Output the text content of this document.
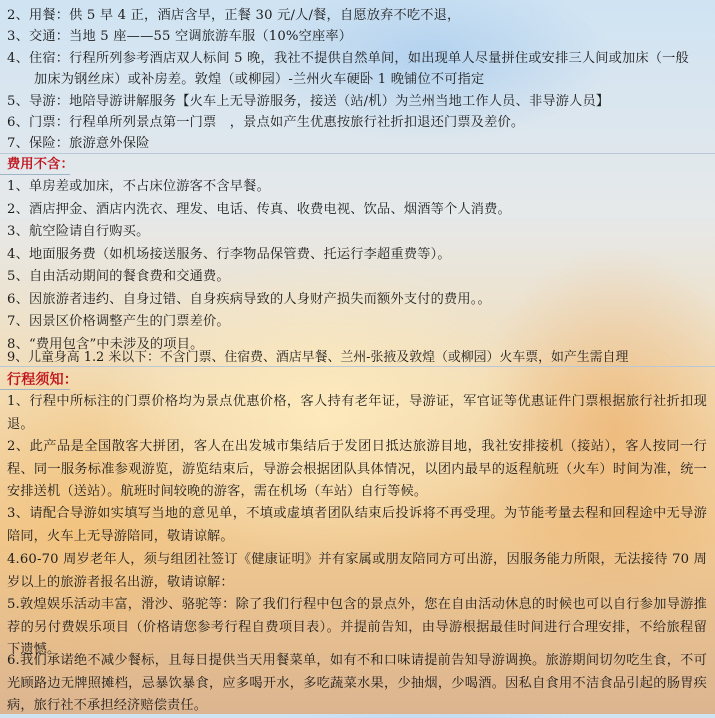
2、用餐：供 5 早 4 正，酒店含早，正餐 30 元/人/餐，自愿放弃不吃不退，
3、交通：当地 5 座——55 空调旅游车服（10%空座率）
4、住宿：行程所列参考酒店双人标间 5 晚，我社不提供自然单间，如出现单人尽量拼住或安排三人间或加床（一般
加床为钢丝床）或补房差。敦煌（或柳园）-兰州火车硬卧 1 晚铺位不可指定
5、导游：地陪导游讲解服务【火车上无导游服务，接送（站/机）为兰州当地工作人员、非导游人员】
6、门票：行程单所列景点第一门票　，景点如产生优惠按旅行社折扣退还门票及差价。
7、保险：旅游意外保险
费用不含：
1、单房差或加床，不占床位游客不含早餐。
2、酒店押金、酒店内洗衣、理发、电话、传真、收费电视、饮品、烟酒等个人消费。
3、航空险请自行购买。
4、地面服务费（如机场接送服务、行李物品保管费、托运行李超重费等）。
5、自由活动期间的餐食费和交通费。
6、因旅游者违约、自身过错、自身疾病导致的人身财产损失而额外支付的费用。。
7、因景区价格调整产生的门票差价。
8、“费用包含”中未涉及的项目。
9、儿童身高 1.2 米以下：不含门票、住宿费、酒店早餐、兰州-张掖及敦煌（或柳园）火车票，如产生需自理
行程须知：
1、行程中所标注的门票价格均为景点优惠价格，客人持有老年证，导游证，军官证等优惠证件门票根据旅行社折扣现退。
2、此产品是全国散客大拼团，客人在出发城市集结后于发团日抵达旅游目地，我社安排接机（接站），客人按同一行程、同一服务标准参观游览，游览结束后，导游会根据团队具体情况，以团内最早的返程航班（火车）时间为准，统一安排送机（送站）。航班时间较晚的游客，需在机场（车站）自行等候。
3、请配合导游如实填写当地的意见单，不填或虚填者团队结束后投诉将不再受理。为节能考量去程和回程途中无导游陪同，火车上无导游陪同，敬请谅解。
4.60-70 周岁老年人，须与组团社签订《健康证明》并有家属或朋友陪同方可出游，因服务能力所限，无法接待 70 周岁以上的旅游者报名出游，敬请谅解：
5.敦煌娱乐活动丰富，滑沙、骆驼等：除了我们行程中包含的景点外，您在自由活动休息的时候也可以自行参加导游推荐的另付费娱乐项目（价格请您参考行程自费项目表）。并提前告知，由导游根据最佳时间进行合理安排，不给旅程留下遗憾。
6.我们承诺绝不减少餐标，且每日提供当天用餐菜单，如有不和口味请提前告知导游调换。旅游期间切勿吃生食，不可光顾路边无牌照摊档，忌暴饮暴食，应多喝开水，多吃蔬菜水果，少抽烟，少喝酒。因私自食用不洁食品引起的肠胃疾病，旅行社不承担经济赔偿责任。
